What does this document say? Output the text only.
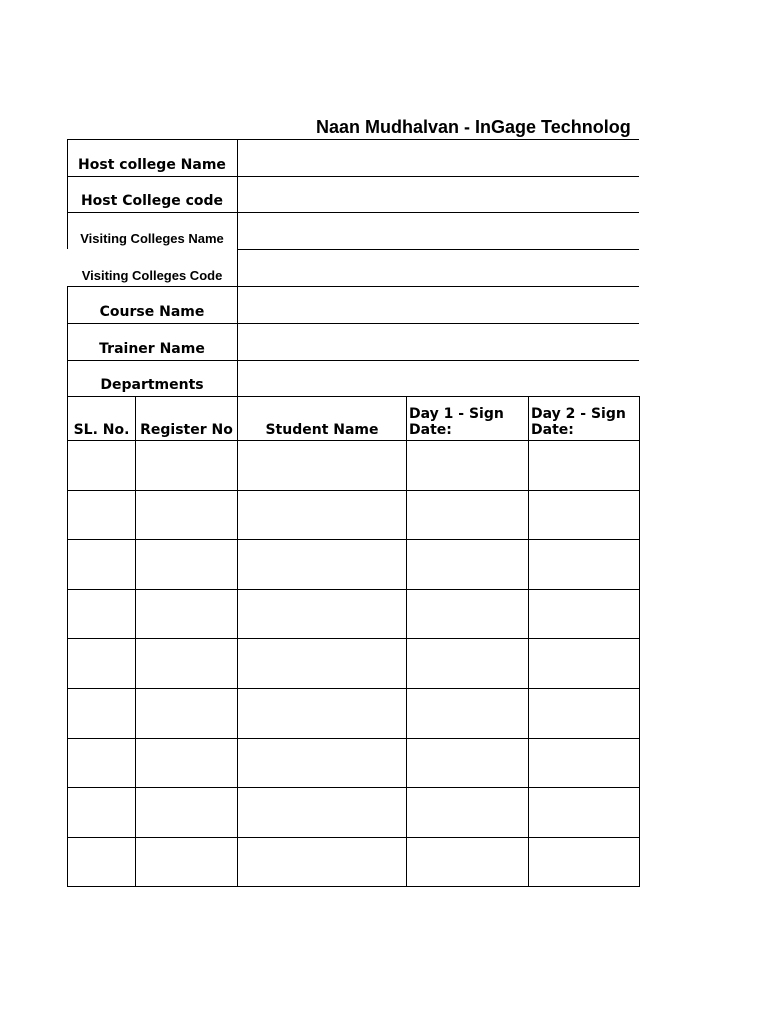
Naan Mudhalvan - InGage Technolog
Host college Name
Host College code
Visiting Colleges Name
Visiting Colleges Code
Course Name
Trainer Name
Departments
SL. No. Register No	Student Name
Day 1 - Sign
Date:
Day 2 - Sign
Date:
